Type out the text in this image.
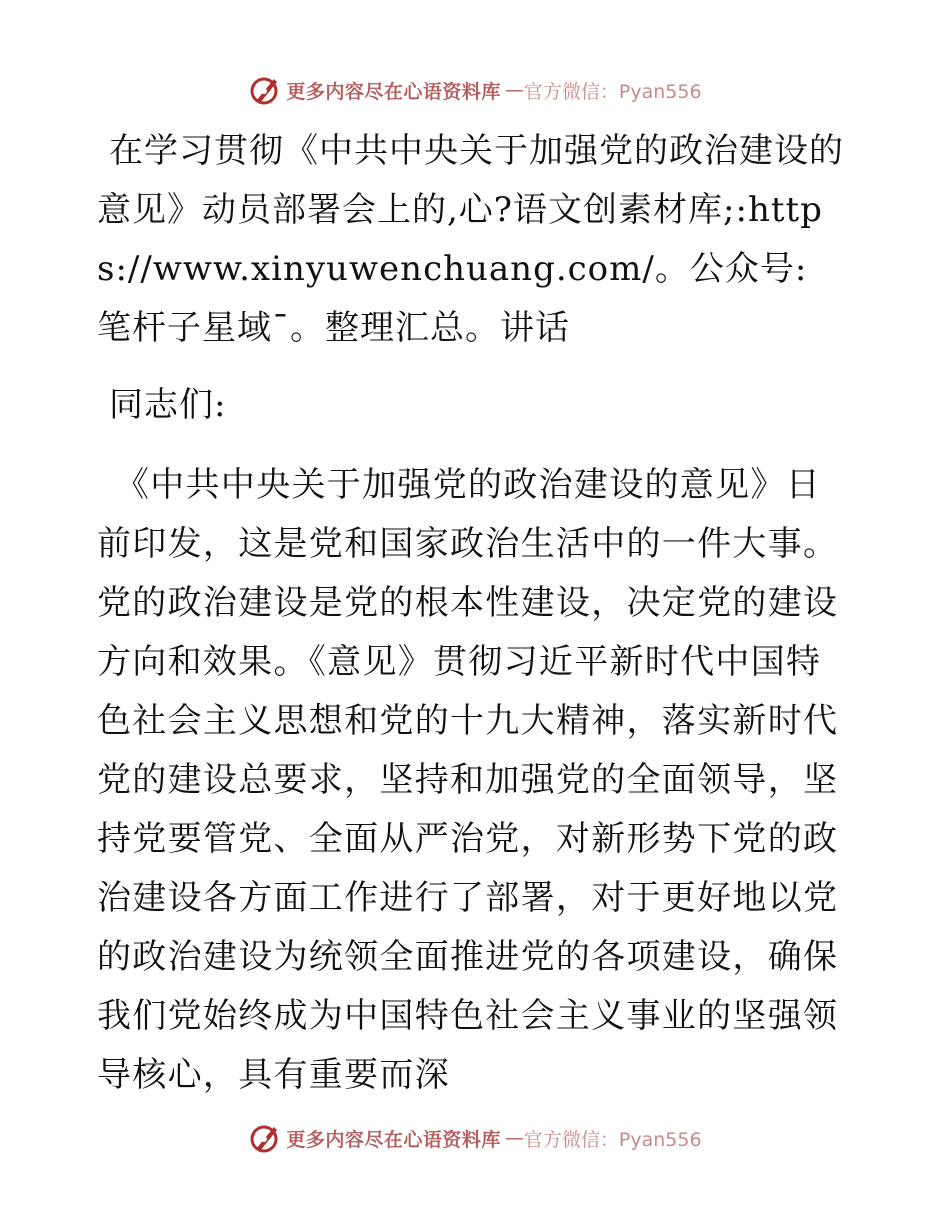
更多内容尽在心语资料库 — 官方微信：Pyan556

在学习贯彻《中共中央关于加强党的政治建设的意见》动员部署会上的,心?语文创素材库;:https://www.xinyuwenchuang.com/。公众号: 笔杆子星域¯。整理汇总。讲话

同志们:

《中共中央关于加强党的政治建设的意见》日前印发，这是党和国家政治生活中的一件大事。党的政治建设是党的根本性建设，决定党的建设方向和效果。《意见》贯彻习近平新时代中国特色社会主义思想和党的十九大精神，落实新时代党的建设总要求，坚持和加强党的全面领导，坚持党要管党、全面从严治党，对新形势下党的政治建设各方面工作进行了部署，对于更好地以党的政治建设为统领全面推进党的各项建设，确保我们党始终成为中国特色社会主义事业的坚强领导核心，具有重要而深

更多内容尽在心语资料库 — 官方微信：Pyan556
